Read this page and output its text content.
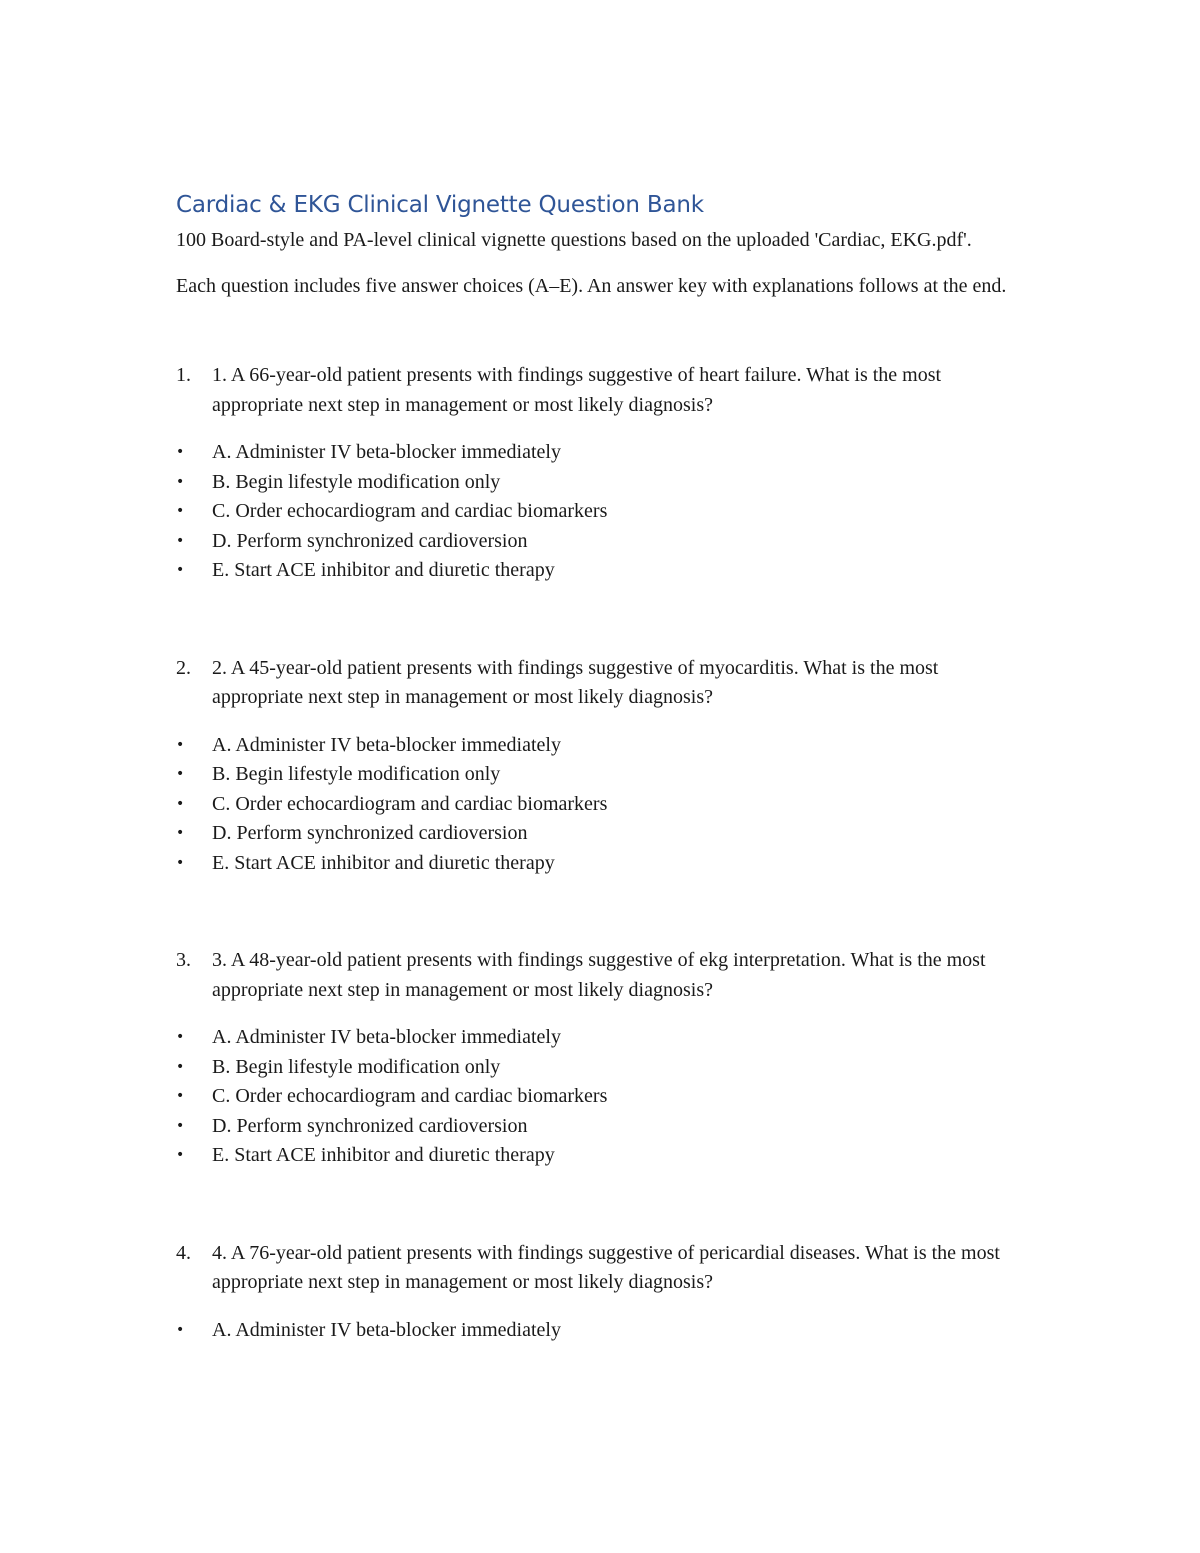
Cardiac & EKG Clinical Vignette Question Bank

100 Board-style and PA-level clinical vignette questions based on the uploaded 'Cardiac, EKG.pdf'.

Each question includes five answer choices (A–E). An answer key with explanations follows at the end.

1.	1. A 66-year-old patient presents with findings suggestive of heart failure. What is the most appropriate next step in management or most likely diagnosis?
•	A. Administer IV beta-blocker immediately
•	B. Begin lifestyle modification only
•	C. Order echocardiogram and cardiac biomarkers
•	D. Perform synchronized cardioversion
•	E. Start ACE inhibitor and diuretic therapy
2.	2. A 45-year-old patient presents with findings suggestive of myocarditis. What is the most appropriate next step in management or most likely diagnosis?
•	A. Administer IV beta-blocker immediately
•	B. Begin lifestyle modification only
•	C. Order echocardiogram and cardiac biomarkers
•	D. Perform synchronized cardioversion
•	E. Start ACE inhibitor and diuretic therapy
3.	3. A 48-year-old patient presents with findings suggestive of ekg interpretation. What is the most appropriate next step in management or most likely diagnosis?
•	A. Administer IV beta-blocker immediately
•	B. Begin lifestyle modification only
•	C. Order echocardiogram and cardiac biomarkers
•	D. Perform synchronized cardioversion
•	E. Start ACE inhibitor and diuretic therapy
4.	4. A 76-year-old patient presents with findings suggestive of pericardial diseases. What is the most appropriate next step in management or most likely diagnosis?
•	A. Administer IV beta-blocker immediately
